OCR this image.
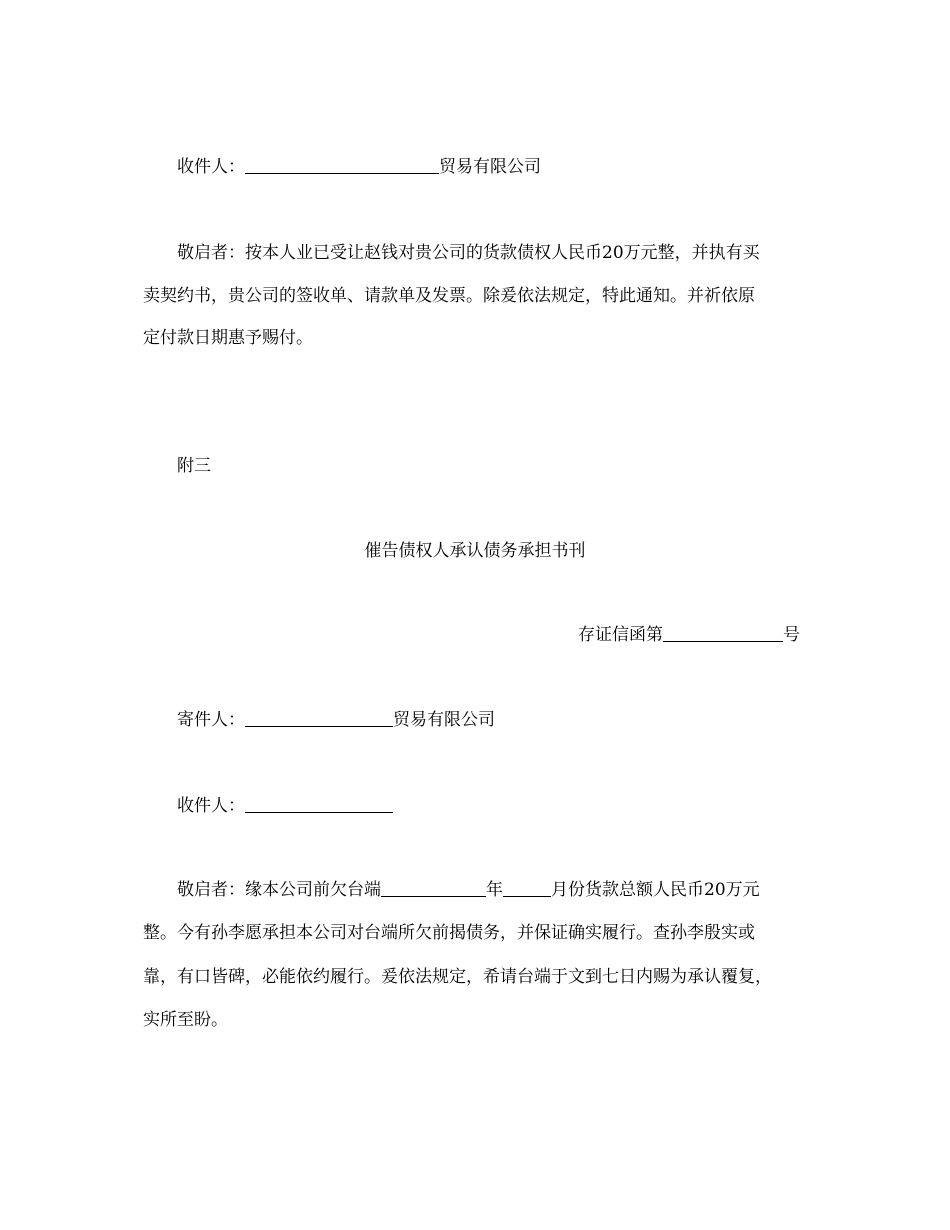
收件人：	贸易有限公司
敬启者：按本人业已受让赵钱对贵公司的货款债权人民币20万元整，并执有买
卖契约书，贵公司的签收单、请款单及发票。除爰依法规定，特此通知。并祈依原
定付款日期惠予赐付。
附三
催告债权人承认债务承担书刊
存证信函第	号
寄件人：	贸易有限公司
收件人：
敬启者：缘本公司前欠台端	年	月份货款总额人民币20万元
整。今有孙李愿承担本公司对台端所欠前揭债务，并保证确实履行。查孙李殷实或
靠，有口皆碑，必能依约履行。爰依法规定，希请台端于文到七日内赐为承认覆复，
实所至盼。
